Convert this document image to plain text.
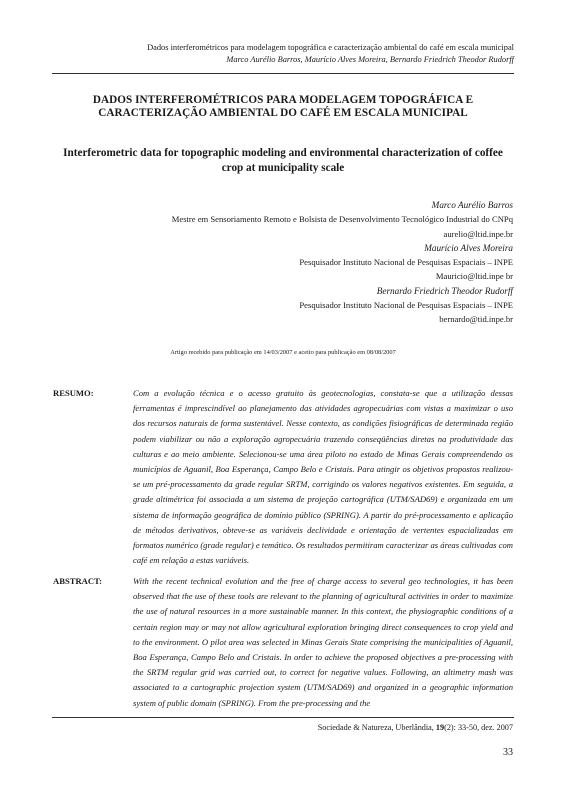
Dados interferométricos para modelagem topográfica e caracterização ambiental do café em escala municipal
Marco Aurélio Barros, Maurício Alves Moreira, Bernardo Friedrich Theodor Rudorff
DADOS INTERFEROMÉTRICOS PARA MODELAGEM TOPOGRÁFICA E CARACTERIZAÇÃO AMBIENTAL DO CAFÉ EM ESCALA MUNICIPAL
Interferometric data for topographic modeling and environmental characterization of coffee crop at municipality scale
Marco Aurélio Barros
Mestre em Sensoriamento Remoto e Bolsista de Desenvolvimento Tecnológico Industrial do CNPq
aurelio@ltid.inpe.br
Maurício Alves Moreira
Pesquisador Instituto Nacional de Pesquisas Espaciais – INPE
Mauricio@ltid.inpe br
Bernardo Friedrich Theodor Rudorff
Pesquisador Instituto Nacional de Pesquisas Espaciais – INPE
bernardo@tid.inpe.br
Artigo recebido para publicação em 14/03/2007 e aceito para publicação em 08/08/2007
RESUMO:	Com a evolução técnica e o acesso gratuito às geotecnologias, constata-se que a utilização dessas ferramentas é imprescindível ao planejamento das atividades agropecuárias com vistas a maximizar o uso dos recursos naturais de forma sustentável. Nesse contexto, as condições fisiográficas de determinada região podem viabilizar ou não a exploração agropecuária trazendo conseqüências diretas na produtividade das culturas e ao meio ambiente. Selecionou-se uma área piloto no estado de Minas Gerais compreendendo os municípios de Aguanil, Boa Esperança, Campo Belo e Cristais. Para atingir os objetivos propostos realizou-se um pré-processamento da grade regular SRTM, corrigindo os valores negativos existentes. Em seguida, a grade altimétrica foi associada a um sistema de projeção cartográfica (UTM/SAD69) e organizada em um sistema de informação geográfica de domínio público (SPRING). A partir do pré-processamento e aplicação de métodos derivativos, obteve-se as variáveis declividade e orientação de vertentes espacializadas em formatos numérico (grade regular) e temático. Os resultados permitiram caracterizar as áreas cultivadas com café em relação a estas variáveis.
ABSTRACT:	With the recent technical evolution and the free of charge access to several geo technologies, it has been observed that the use of these tools are relevant to the planning of agricultural activities in order to maximize the use of natural resources in a more sustainable manner. In this context, the physiographic conditions of a certain region may or may not allow agricultural exploration bringing direct consequences to crop yield and to the environment. O pilot area was selected in Minas Gerais State comprising the municipalities of Aguanil, Boa Esperança, Campo Belo and Cristais. In order to achieve the proposed objectives a pre-processing with the SRTM regular grid was carried out, to correct for negative values. Following, an altimetry mash was associated to a cartographic projection system (UTM/SAD69) and organized in a geographic information system of public domain (SPRING). From the pre-processing and the
Sociedade & Natureza, Uberlândia, 19(2): 33-50, dez. 2007
33
